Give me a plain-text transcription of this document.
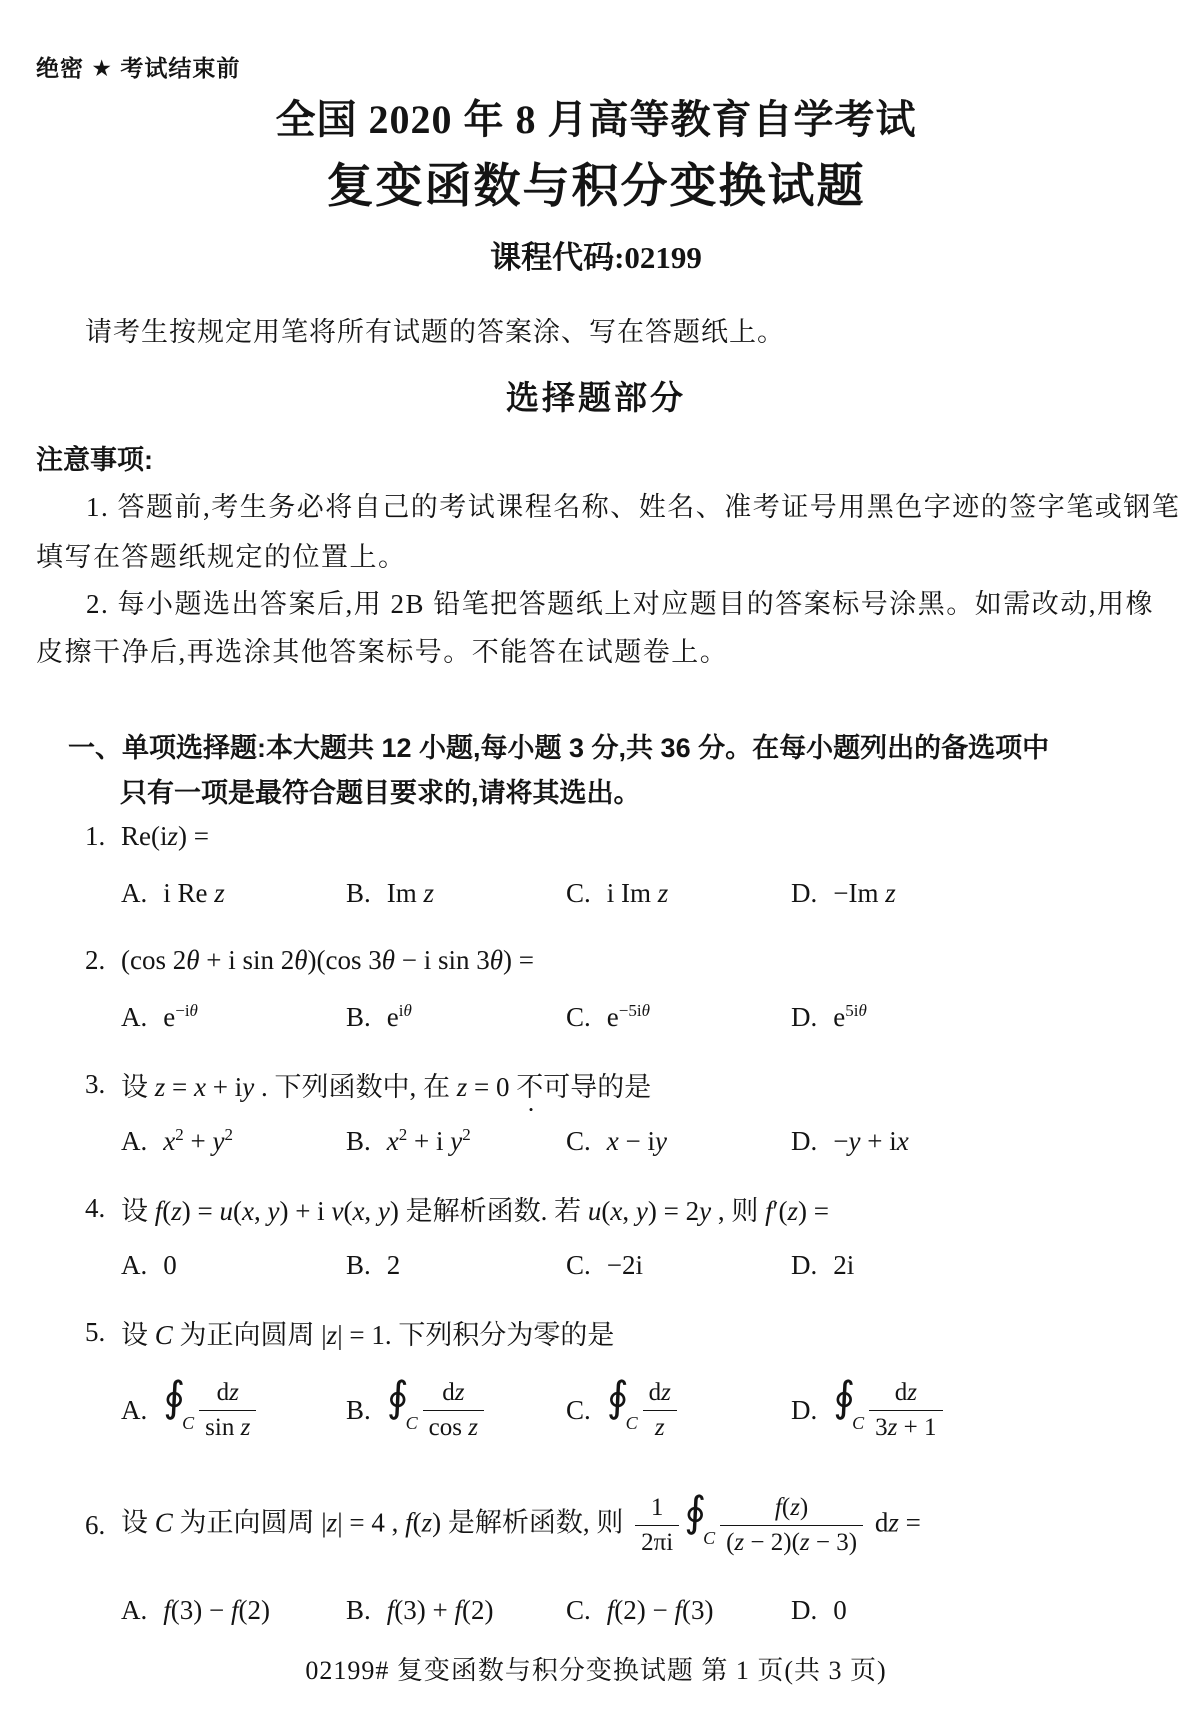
绝密 ★ 考试结束前
全国 2020 年 8 月高等教育自学考试
复变函数与积分变换试题
课程代码:02199
请考生按规定用笔将所有试题的答案涂、写在答题纸上。
选择题部分
注意事项:
1. 答题前,考生务必将自己的考试课程名称、姓名、准考证号用黑色字迹的签字笔或钢笔
填写在答题纸规定的位置上。
2. 每小题选出答案后,用 2B 铅笔把答题纸上对应题目的答案标号涂黑。如需改动,用橡
皮擦干净后,再选涂其他答案标号。不能答在试题卷上。
一、单项选择题:本大题共 12 小题,每小题 3 分,共 36 分。在每小题列出的备选项中
只有一项是最符合题目要求的,请将其选出。
1. Re(iz) =
A. i Re z	B. Im z	C. i Im z	D. −Im z
2. (cos 2θ + i sin 2θ)(cos 3θ − i sin 3θ) =
A. $e^{-i\theta}$	B. $e^{i\theta}$	C. $e^{-5i\theta}$	D. $e^{5i\theta}$
3. 设 z = x + iy . 下列函数中, 在 z = 0 不可导的是
A. $x^2 + y^2$	B. $x^2 + i$ $y^2$	C. x − iy	D. −y + ix
4. 设 f(z) = u(x, y) + i v(x, y) 是解析函数. 若 u(x, y) = 2y , 则 f′(z) =
A. 0	B. 2	C. −2i	D. 2i
5. 设 C 为正向圆周 |z| = 1. 下列积分为零的是
A. $∮_C \frac{dz}{\text{sin z}}$	B. $∮_C \frac{dz}{\text{cos z}}$	C. $∮_C \frac{dz}{z}$	D. $∮_C \frac{dz}{3z + 1}$
6. 设 C 为正向圆周 |z| = 4 , f(z) 是解析函数, 则 $\frac{1}{2\pi i}$ $∮_C \frac{f(z)}{(z - 2)(z - 3)}$ dz =
A. f(3) − f(2)	B. f(3) + f(2)	C. f(2) − f(3)	D. 0
02199# 复变函数与积分变换试题 第 1 页(共 3 页)
